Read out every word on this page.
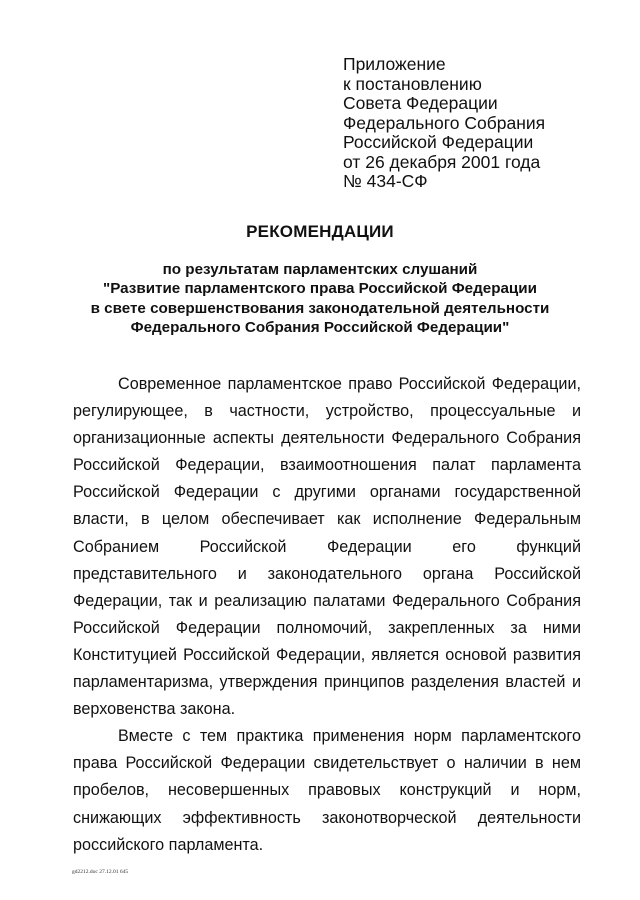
Приложение
к постановлению
Совета Федерации
Федерального Собрания
Российской Федерации
от 26 декабря 2001 года
№ 434-СФ
РЕКОМЕНДАЦИИ
по результатам парламентских слушаний
"Развитие парламентского права Российской Федерации
в свете совершенствования законодательной деятельности
Федерального Собрания Российской Федерации"
Современное парламентское право Российской Федерации,
регулирующее, в частности, устройство, процессуальные и
организационные аспекты деятельности Федерального Собрания
Российской Федерации, взаимоотношения палат парламента
Российской Федерации с другими органами государственной
власти, в целом обеспечивает как исполнение Федеральным
Собранием Российской Федерации его функций
представительного и законодательного органа Российской
Федерации, так и реализацию палатами Федерального Собрания
Российской Федерации полномочий, закрепленных за ними
Конституцией Российской Федерации, является основой развития
парламентаризма, утверждения принципов разделения властей и
верховенства закона.
Вместе с тем практика применения норм парламентского
права Российской Федерации свидетельствует о наличии в нем
пробелов, несовершенных правовых конструкций и норм,
снижающих эффективность законотворческой деятельности
российского парламента.
gd2212.doc 27.12.01 645
